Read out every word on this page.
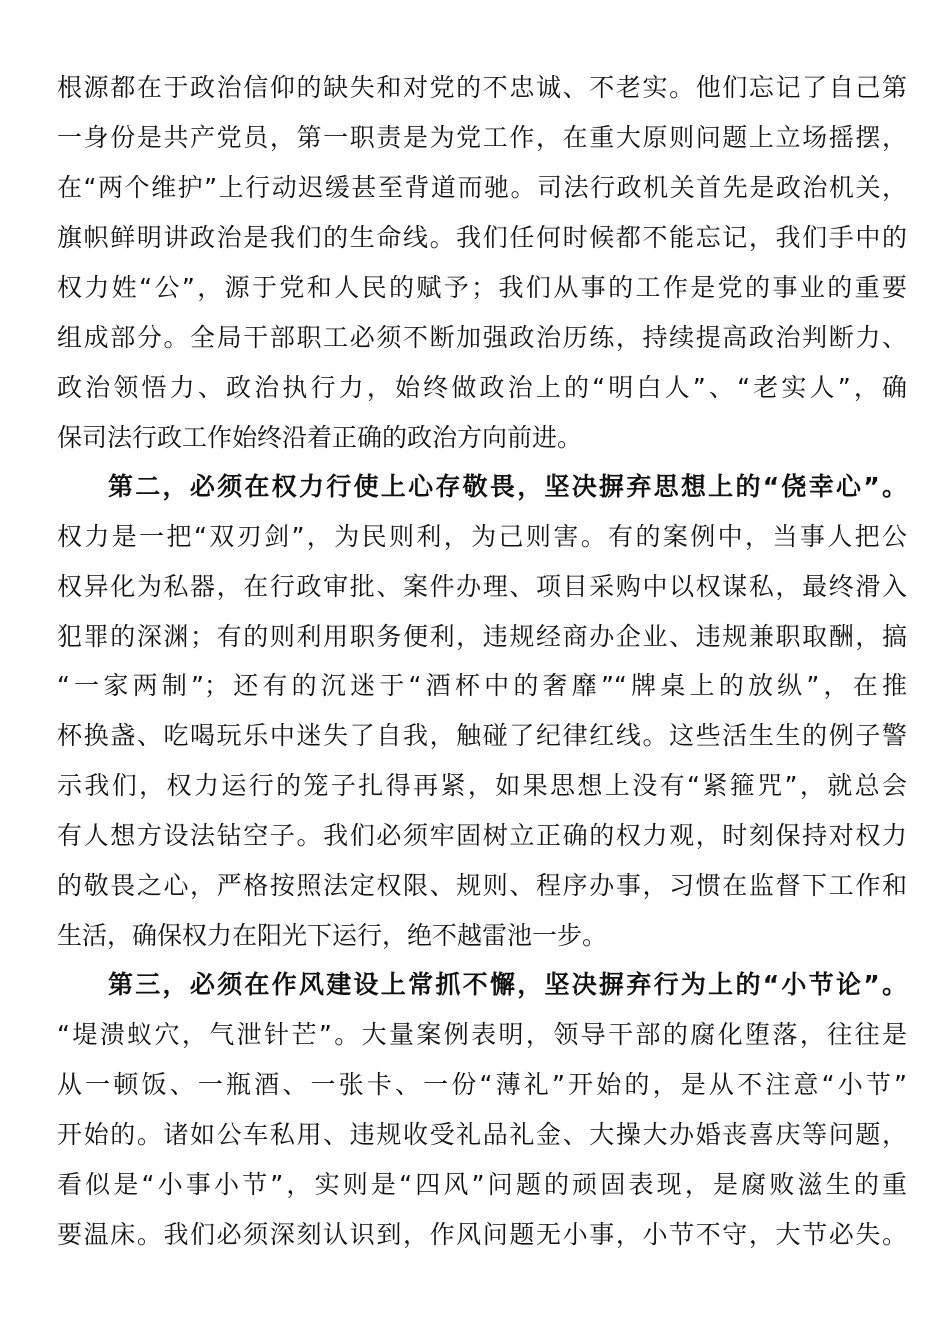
根源都在于政治信仰的缺失和对党的不忠诚、不老实。他们忘记了自己第
一身份是共产党员，第一职责是为党工作，在重大原则问题上立场摇摆，
在“两个维护”上行动迟缓甚至背道而驰。司法行政机关首先是政治机关，
旗帜鲜明讲政治是我们的生命线。我们任何时候都不能忘记，我们手中的
权力姓“公”，源于党和人民的赋予；我们从事的工作是党的事业的重要
组成部分。全局干部职工必须不断加强政治历练，持续提高政治判断力、
政治领悟力、政治执行力，始终做政治上的“明白人”、“老实人”，确
保司法行政工作始终沿着正确的政治方向前进。
第二，必须在权力行使上心存敬畏，坚决摒弃思想上的“侥幸心”。
权力是一把“双刃剑”，为民则利，为己则害。有的案例中，当事人把公
权异化为私器，在行政审批、案件办理、项目采购中以权谋私，最终滑入
犯罪的深渊；有的则利用职务便利，违规经商办企业、违规兼职取酬，搞
“一家两制”；还有的沉迷于“酒杯中的奢靡”“牌桌上的放纵”，在推
杯换盏、吃喝玩乐中迷失了自我，触碰了纪律红线。这些活生生的例子警
示我们，权力运行的笼子扎得再紧，如果思想上没有“紧箍咒”，就总会
有人想方设法钻空子。我们必须牢固树立正确的权力观，时刻保持对权力
的敬畏之心，严格按照法定权限、规则、程序办事，习惯在监督下工作和
生活，确保权力在阳光下运行，绝不越雷池一步。
第三，必须在作风建设上常抓不懈，坚决摒弃行为上的“小节论”。
“堤溃蚁穴，气泄针芒”。大量案例表明，领导干部的腐化堕落，往往是
从一顿饭、一瓶酒、一张卡、一份“薄礼”开始的，是从不注意“小节”
开始的。诸如公车私用、违规收受礼品礼金、大操大办婚丧喜庆等问题，
看似是“小事小节”，实则是“四风”问题的顽固表现，是腐败滋生的重
要温床。我们必须深刻认识到，作风问题无小事，小节不守，大节必失。
